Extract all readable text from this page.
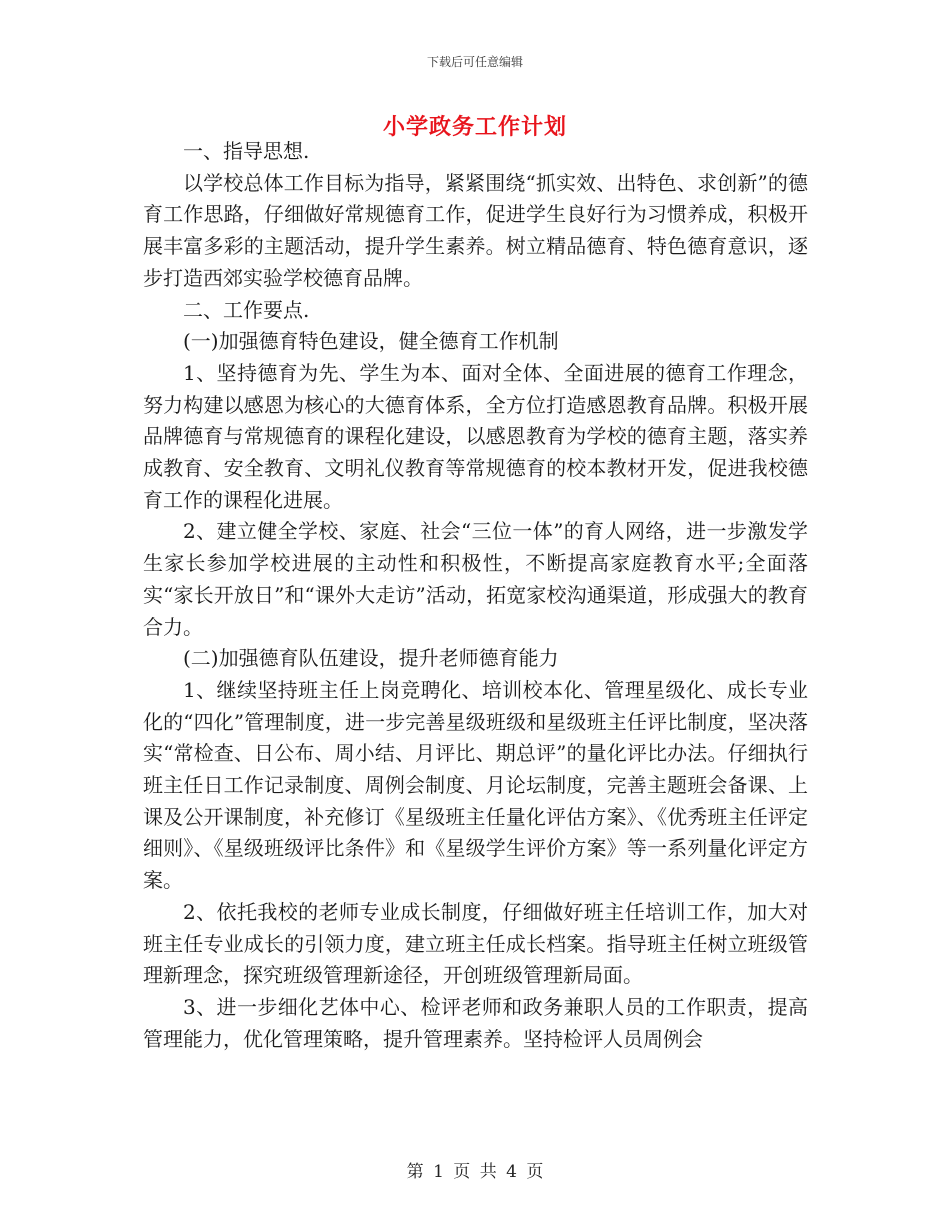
下载后可任意编辑
小学政务工作计划

一、指导思想.

以学校总体工作目标为指导，紧紧围绕“抓实效、出特色、求创新”的德育工作思路，仔细做好常规德育工作，促进学生良好行为习惯养成，积极开展丰富多彩的主题活动，提升学生素养。树立精品德育、特色德育意识，逐步打造西郊实验学校德育品牌。

二、工作要点.

(一)加强德育特色建设，健全德育工作机制

1、坚持德育为先、学生为本、面对全体、全面进展的德育工作理念，努力构建以感恩为核心的大德育体系，全方位打造感恩教育品牌。积极开展品牌德育与常规德育的课程化建设，以感恩教育为学校的德育主题，落实养成教育、安全教育、文明礼仪教育等常规德育的校本教材开发，促进我校德育工作的课程化进展。

2、建立健全学校、家庭、社会“三位一体”的育人网络，进一步激发学生家长参加学校进展的主动性和积极性，不断提高家庭教育水平;全面落实“家长开放日”和“课外大走访”活动，拓宽家校沟通渠道，形成强大的教育合力。

(二)加强德育队伍建设，提升老师德育能力

1、继续坚持班主任上岗竞聘化、培训校本化、管理星级化、成长专业化的“四化”管理制度，进一步完善星级班级和星级班主任评比制度，坚决落实“常检查、日公布、周小结、月评比、期总评”的量化评比办法。仔细执行班主任日工作记录制度、周例会制度、月论坛制度，完善主题班会备课、上课及公开课制度，补充修订《星级班主任量化评估方案》、《优秀班主任评定细则》、《星级班级评比条件》和《星级学生评价方案》等一系列量化评定方案。

2、依托我校的老师专业成长制度，仔细做好班主任培训工作，加大对班主任专业成长的引领力度，建立班主任成长档案。指导班主任树立班级管理新理念，探究班级管理新途径，开创班级管理新局面。

3、进一步细化艺体中心、检评老师和政务兼职人员的工作职责，提高管理能力，优化管理策略，提升管理素养。坚持检评人员周例会

第 1 页 共 4 页
